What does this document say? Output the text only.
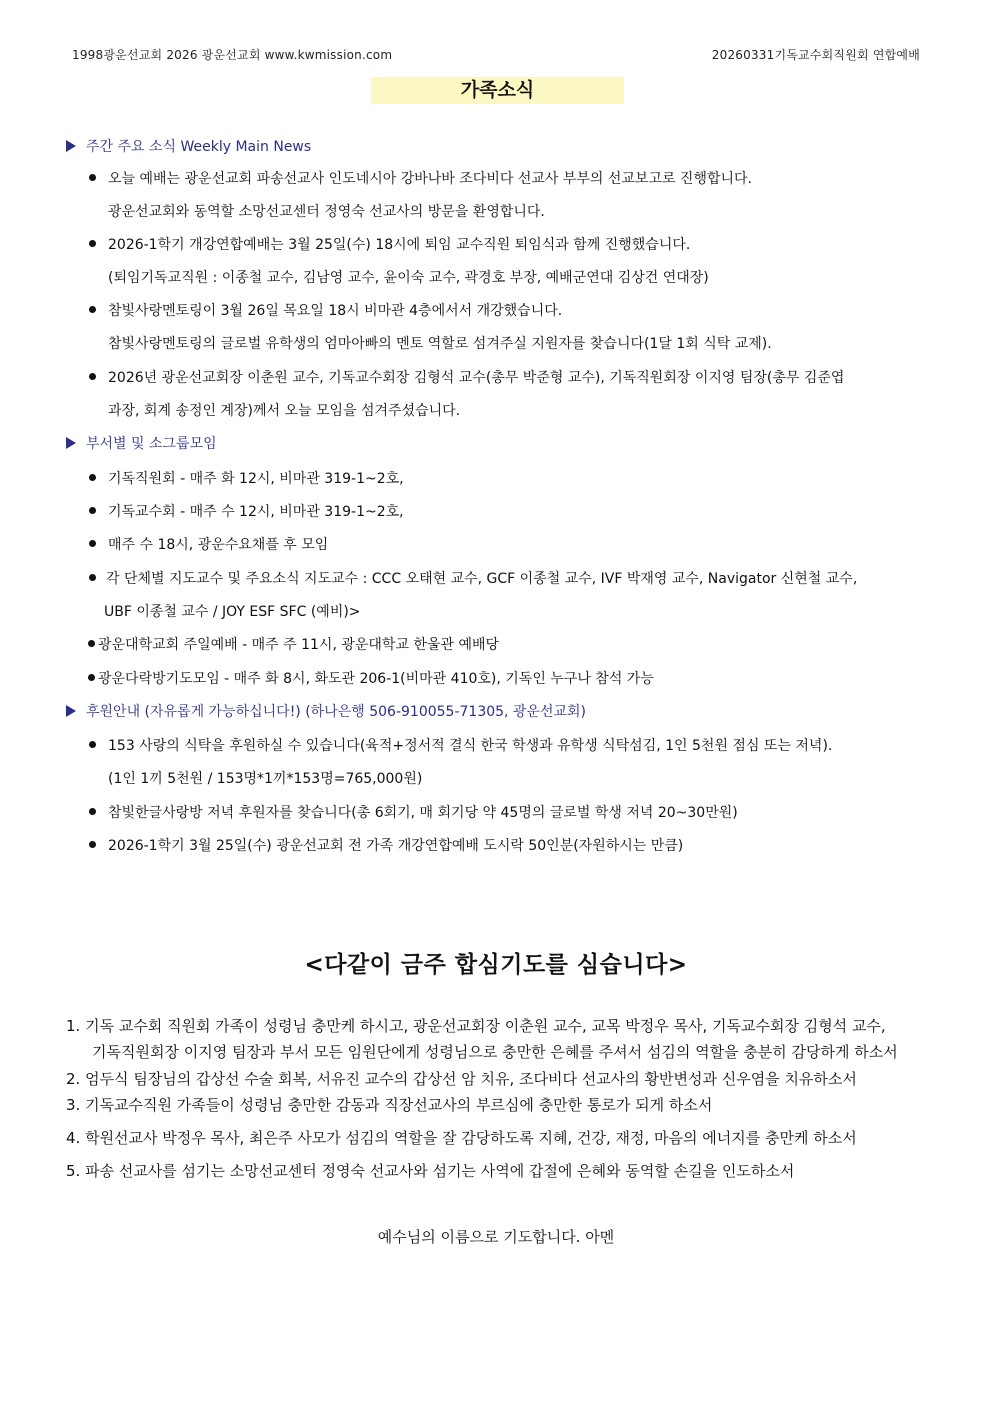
1998광운선교회 2026 광운선교회 www.kwmission.com	20260331기독교수회직원회 연합예배
가족소식
주간 주요 소식 Weekly Main News
오늘 예배는 광운선교회 파송선교사 인도네시아 강바나바 조다비다 선교사 부부의 선교보고로 진행합니다.
광운선교회와 동역할 소망선교센터 정영숙 선교사의 방문을 환영합니다.
2026-1학기 개강연합예배는 3월 25일(수) 18시에 퇴임 교수직원 퇴임식과 함께 진행했습니다.
(퇴임기독교직원 : 이종철 교수, 김남영 교수, 윤이숙 교수, 곽경호 부장, 예배군연대 김상건 연대장)
참빛사랑멘토링이 3월 26일 목요일 18시 비마관 4층에서서 개강했습니다.
참빛사랑멘토링의 글로벌 유학생의 엄마아빠의 멘토 역할로 섬겨주실 지원자를 찾습니다(1달 1회 식탁 교제).
2026년 광운선교회장 이춘원 교수, 기독교수회장 김형석 교수(총무 박준형 교수), 기독직원회장 이지영 팀장(총무 김준엽
과장, 회계 송정인 계장)께서 오늘 모임을 섬겨주셨습니다.
부서별 및 소그룹모임
기독직원회 - 매주 화 12시, 비마관 319-1~2호,
기독교수회 - 매주 수 12시, 비마관 319-1~2호,
매주 수 18시, 광운수요채플 후 모임
각 단체별 지도교수 및 주요소식 지도교수 : CCC 오태현 교수, GCF 이종철 교수, IVF 박재영 교수, Navigator 신현철 교수,
UBF 이종철 교수 / JOY ESF SFC (예비)>
광운대학교회 주일예배 - 매주 주 11시, 광운대학교 한울관 예배당
광운다락방기도모임 - 매주 화 8시, 화도관 206-1(비마관 410호), 기독인 누구나 참석 가능
후원안내 (자유롭게 가능하십니다!) (하나은행 506-910055-71305, 광운선교회)
153 사랑의 식탁을 후원하실 수 있습니다(육적+정서적 결식 한국 학생과 유학생 식탁섬김, 1인 5천원 점심 또는 저녁).
(1인 1끼 5천원 / 153명*1끼*153명=765,000원)
참빛한글사랑방 저녁 후원자를 찾습니다(총 6회기, 매 회기당 약 45명의 글로벌 학생 저녁 20~30만원)
2026-1학기 3월 25일(수) 광운선교회 전 가족 개강연합예배 도시락 50인분(자원하시는 만큼)
<다같이 금주 합심기도를 심습니다>
1. 기독 교수회 직원회 가족이 성령님 충만케 하시고, 광운선교회장 이춘원 교수, 교목 박정우 목사, 기독교수회장 김형석 교수,
기독직원회장 이지영 팀장과 부서 모든 임원단에게 성령님으로 충만한 은혜를 주셔서 섬김의 역할을 충분히 감당하게 하소서
2. 엄두식 팀장님의 갑상선 수술 회복, 서유진 교수의 갑상선 암 치유, 조다비다 선교사의 황반변성과 신우염을 치유하소서
3. 기독교수직원 가족들이 성령님 충만한 감동과 직장선교사의 부르심에 충만한 통로가 되게 하소서
4. 학원선교사 박정우 목사, 최은주 사모가 섬김의 역할을 잘 감당하도록 지혜, 건강, 재정, 마음의 에너지를 충만케 하소서
5. 파송 선교사를 섬기는 소망선교센터 정영숙 선교사와 섬기는 사역에 갑절에 은혜와 동역할 손길을 인도하소서
예수님의 이름으로 기도합니다. 아멘
